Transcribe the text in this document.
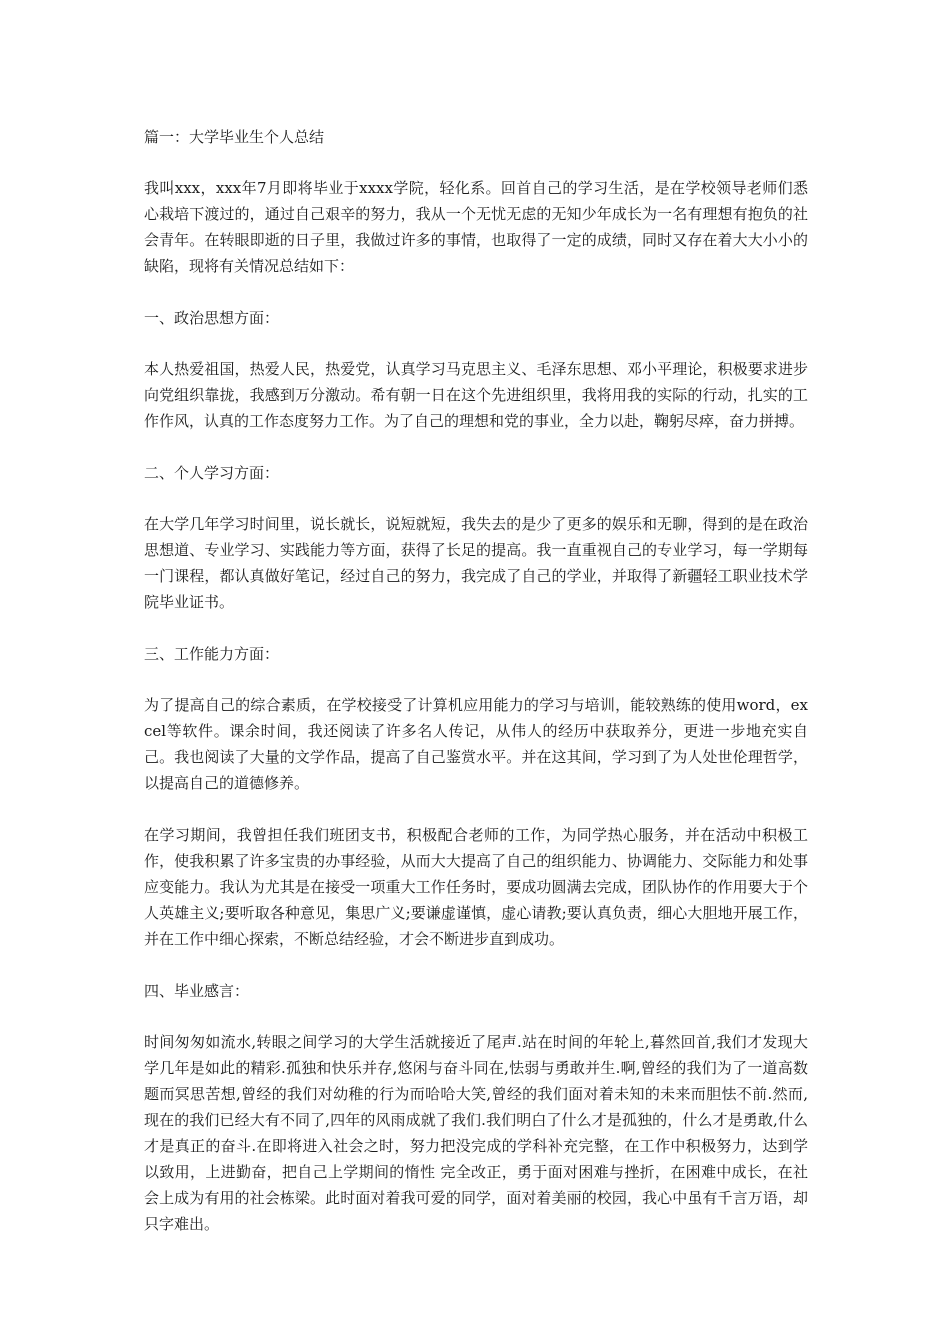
篇一：大学毕业生个人总结

我叫xxx，xxx年7月即将毕业于xxxx学院，轻化系。回首自己的学习生活，是在学校领导老师们悉心栽培下渡过的，通过自己艰辛的努力，我从一个无忧无虑的无知少年成长为一名有理想有抱负的社会青年。在转眼即逝的日子里，我做过许多的事情，也取得了一定的成绩，同时又存在着大大小小的缺陷，现将有关情况总结如下：

一、政治思想方面：

本人热爱祖国，热爱人民，热爱党，认真学习马克思主义、毛泽东思想、邓小平理论，积极要求进步向党组织靠拢，我感到万分激动。希有朝一日在这个先进组织里，我将用我的实际的行动，扎实的工作作风，认真的工作态度努力工作。为了自己的理想和党的事业，全力以赴，鞠躬尽瘁，奋力拼搏。

二、个人学习方面：

在大学几年学习时间里，说长就长，说短就短，我失去的是少了更多的娱乐和无聊，得到的是在政治思想道、专业学习、实践能力等方面，获得了长足的提高。我一直重视自己的专业学习，每一学期每一门课程，都认真做好笔记，经过自己的努力，我完成了自己的学业，并取得了新疆轻工职业技术学院毕业证书。

三、工作能力方面：

为了提高自己的综合素质，在学校接受了计算机应用能力的学习与培训，能较熟练的使用word，excel等软件。课余时间，我还阅读了许多名人传记，从伟人的经历中获取养分，更进一步地充实自己。我也阅读了大量的文学作品，提高了自己鉴赏水平。并在这其间，学习到了为人处世伦理哲学，以提高自己的道德修养。

在学习期间，我曾担任我们班团支书，积极配合老师的工作，为同学热心服务，并在活动中积极工作，使我积累了许多宝贵的办事经验，从而大大提高了自己的组织能力、协调能力、交际能力和处事应变能力。我认为尤其是在接受一项重大工作任务时，要成功圆满去完成，团队协作的作用要大于个人英雄主义;要听取各种意见，集思广义;要谦虚谨慎，虚心请教;要认真负责，细心大胆地开展工作，并在工作中细心探索，不断总结经验，才会不断进步直到成功。

四、毕业感言：

时间匆匆如流水,转眼之间学习的大学生活就接近了尾声.站在时间的年轮上,暮然回首,我们才发现大学几年是如此的精彩.孤独和快乐并存,悠闲与奋斗同在,怯弱与勇敢并生.啊,曾经的我们为了一道高数题而冥思苦想,曾经的我们对幼稚的行为而哈哈大笑,曾经的我们面对着未知的未来而胆怯不前.然而,现在的我们已经大有不同了,四年的风雨成就了我们.我们明白了什么才是孤独的，什么才是勇敢,什么才是真正的奋斗.在即将进入社会之时，努力把没完成的学科补充完整，在工作中积极努力，达到学以致用，上进勤奋，把自己上学期间的惰性 完全改正，勇于面对困难与挫折，在困难中成长，在社会上成为有用的社会栋梁。此时面对着我可爱的同学，面对着美丽的校园，我心中虽有千言万语，却只字难出。
